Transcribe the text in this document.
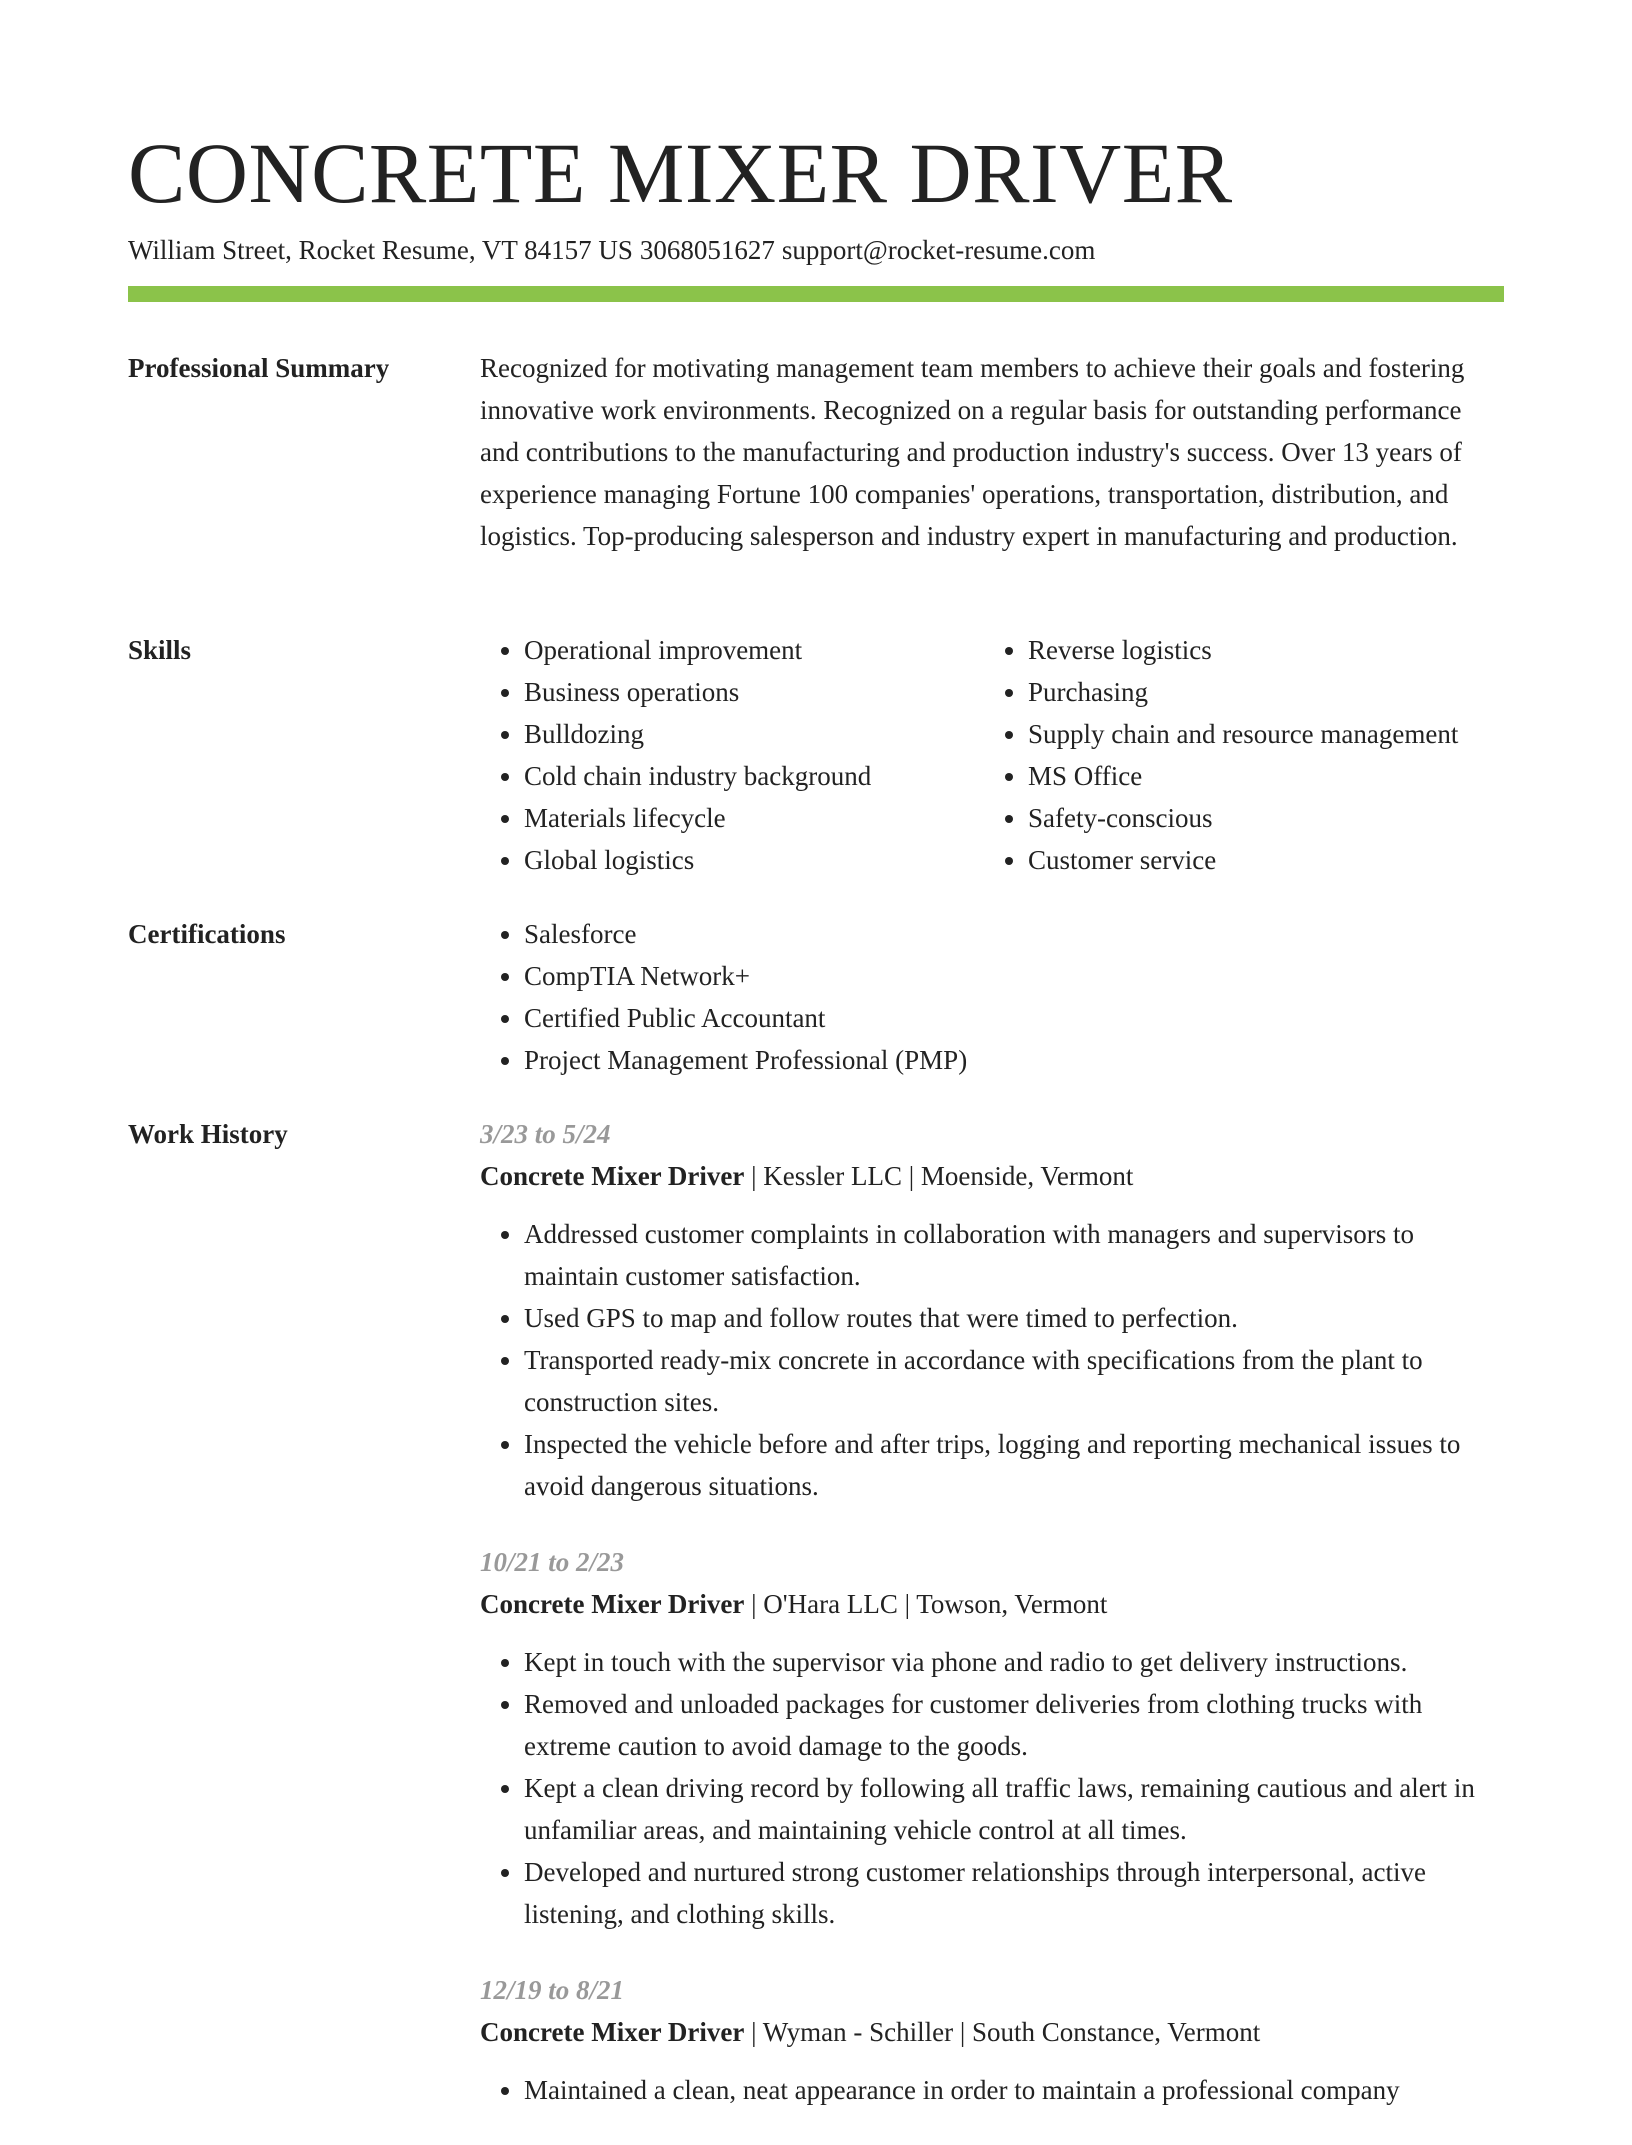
CONCRETE MIXER DRIVER
William Street, Rocket Resume, VT 84157 US 3068051627 support@rocket-resume.com
Professional Summary	Recognized for motivating management team members to achieve their goals and fostering innovative work environments. Recognized on a regular basis for outstanding performance and contributions to the manufacturing and production industry's success. Over 13 years of experience managing Fortune 100 companies' operations, transportation, distribution, and logistics. Top-producing salesperson and industry expert in manufacturing and production.

Skills	• Operational improvement
• Business operations
• Bulldozing
• Cold chain industry background
• Materials lifecycle
• Global logistics
• Reverse logistics
• Purchasing
• Supply chain and resource management
• MS Office
• Safety-conscious
• Customer service
Certifications	• Salesforce
• CompTIA Network+
• Certified Public Accountant
• Project Management Professional (PMP)
Work History	3/23 to 5/24
Concrete Mixer Driver | Kessler LLC | Moenside, Vermont
• Addressed customer complaints in collaboration with managers and supervisors to maintain customer satisfaction.
• Used GPS to map and follow routes that were timed to perfection.
• Transported ready-mix concrete in accordance with specifications from the plant to construction sites.
• Inspected the vehicle before and after trips, logging and reporting mechanical issues to avoid dangerous situations.
10/21 to 2/23
Concrete Mixer Driver | O'Hara LLC | Towson, Vermont
• Kept in touch with the supervisor via phone and radio to get delivery instructions.
• Removed and unloaded packages for customer deliveries from clothing trucks with extreme caution to avoid damage to the goods.
• Kept a clean driving record by following all traffic laws, remaining cautious and alert in unfamiliar areas, and maintaining vehicle control at all times.
• Developed and nurtured strong customer relationships through interpersonal, active listening, and clothing skills.
12/19 to 8/21
Concrete Mixer Driver | Wyman - Schiller | South Constance, Vermont
• Maintained a clean, neat appearance in order to maintain a professional company
